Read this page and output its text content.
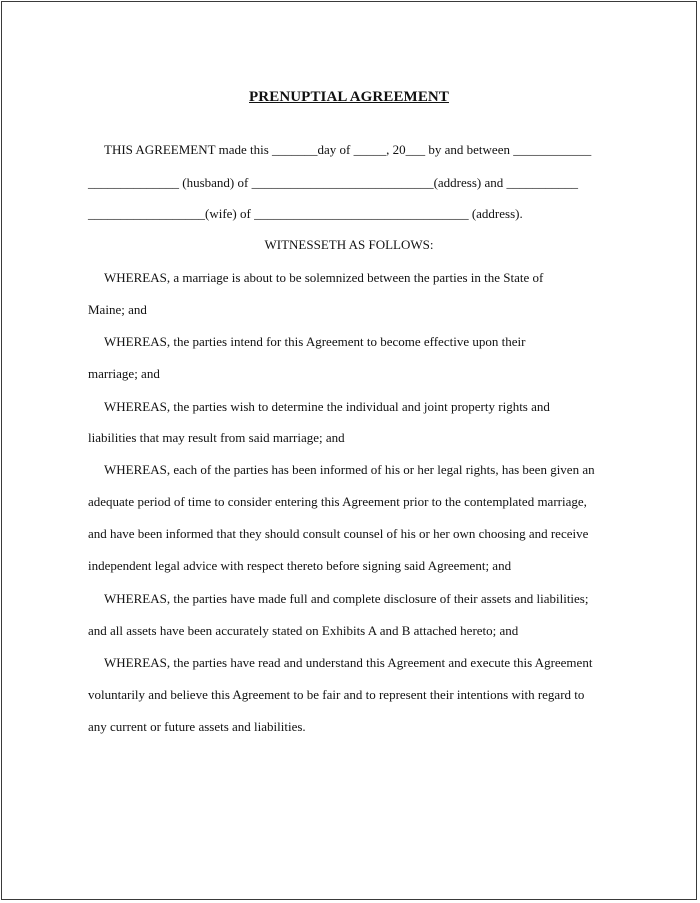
PRENUPTIAL AGREEMENT
THIS AGREEMENT made this _______day of _____, 20___ by and between ____________
______________ (husband) of ____________________________(address) and ___________
__________________(wife) of _________________________________ (address).
WITNESSETH AS FOLLOWS:
WHEREAS, a marriage is about to be solemnized between the parties in the State of
Maine; and
WHEREAS, the parties intend for this Agreement to become effective upon their
marriage; and
WHEREAS, the parties wish to determine the individual and joint property rights and
liabilities that may result from said marriage; and
WHEREAS, each of the parties has been informed of his or her legal rights, has been given an
adequate period of time to consider entering this Agreement prior to the contemplated marriage,
and have been informed that they should consult counsel of his or her own choosing and receive
independent legal advice with respect thereto before signing said Agreement; and
WHEREAS, the parties have made full and complete disclosure of their assets and liabilities;
and all assets have been accurately stated on Exhibits A and B attached hereto; and
WHEREAS, the parties have read and understand this Agreement and execute this Agreement
voluntarily and believe this Agreement to be fair and to represent their intentions with regard to
any current or future assets and liabilities.
